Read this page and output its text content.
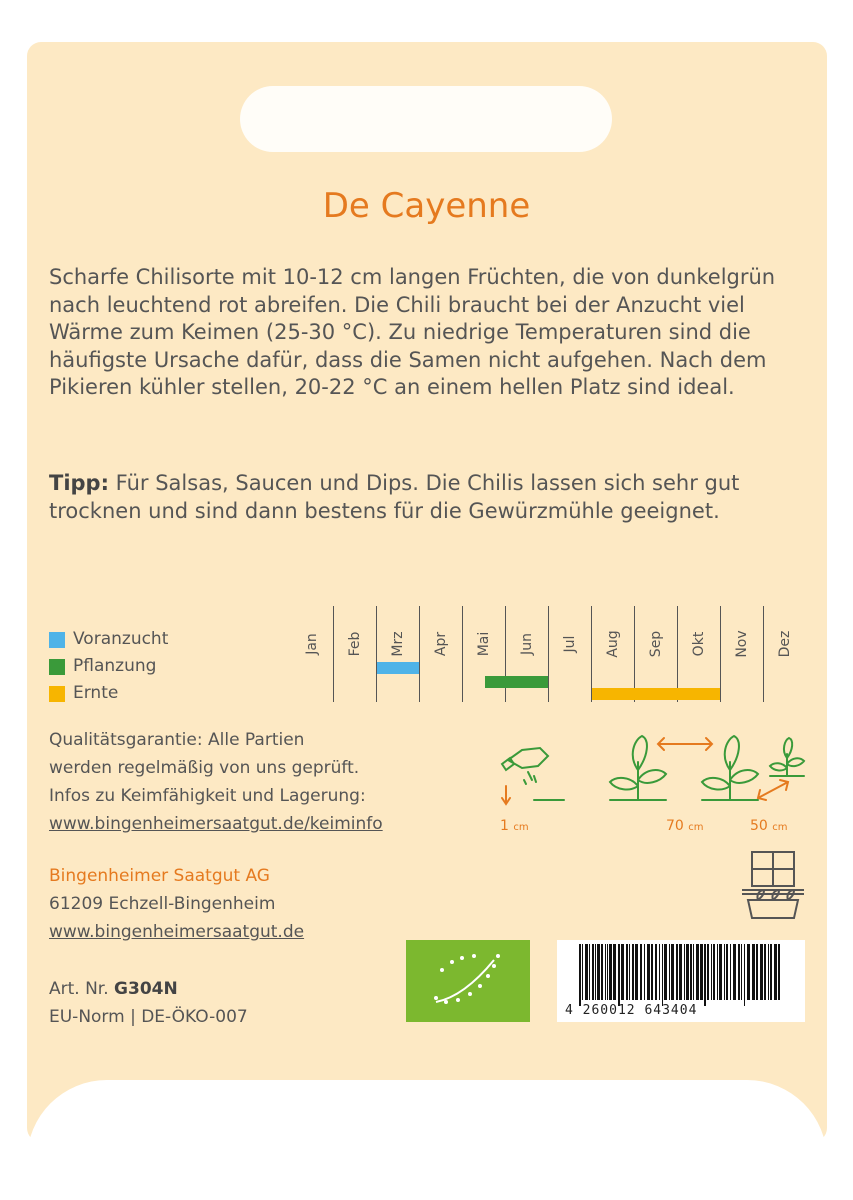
De Cayenne
Scharfe Chilisorte mit 10-12 cm langen Früchten, die von dunkelgrün nach leuchtend rot abreifen. Die Chili braucht bei der Anzucht viel Wärme zum Keimen (25-30 °C). Zu niedrige Temperaturen sind die häufigste Ursache dafür, dass die Samen nicht aufgehen. Nach dem Pikieren kühler stellen, 20-22 °C an einem hellen Platz sind ideal.
Tipp: Für Salsas, Saucen und Dips. Die Chilis lassen sich sehr gut trocknen und sind dann bestens für die Gewürzmühle geeignet.
Voranzucht
Pflanzung
Ernte
Jan Feb Mrz Apr Mai Jun Jul Aug Sep Okt Nov Dez
Qualitätsgarantie: Alle Partien
werden regelmäßig von uns geprüft.
Infos zu Keimfähigkeit und Lagerung:
www.bingenheimersaatgut.de/keiminfo	1 cm	70 cm	50 cm
Bingenheimer Saatgut AG
61209 Echzell-Bingenheim
www.bingenheimersaatgut.de
Art. Nr. G304N
EU-Norm | DE-ÖKO-007	4 260012 643404
